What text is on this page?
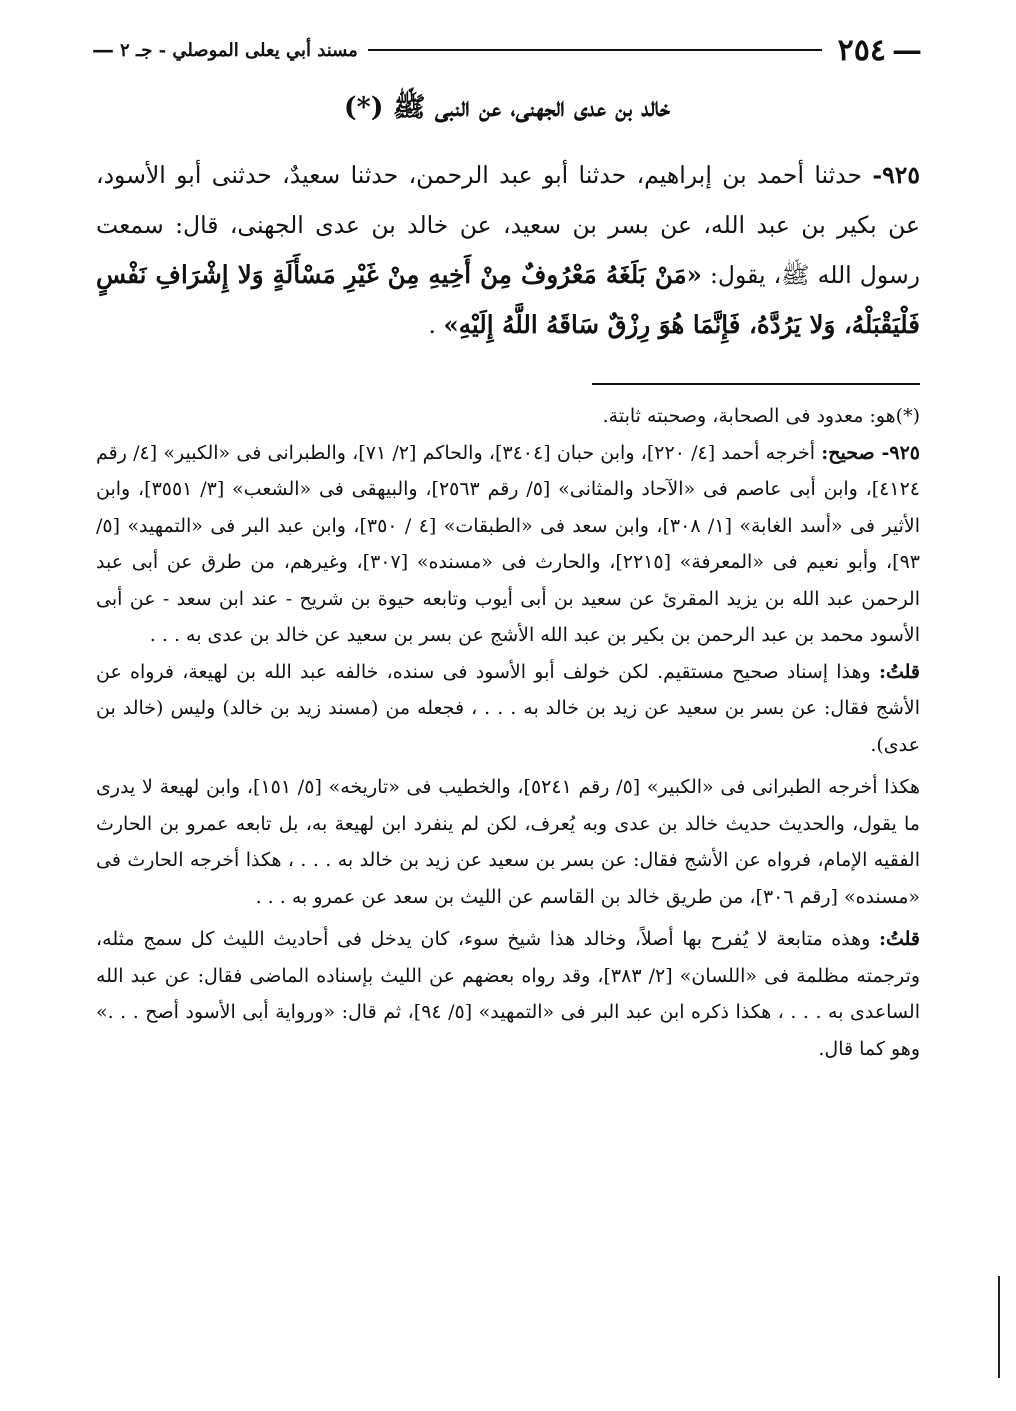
—
٢٥٤
مسند أبي يعلى الموصلي - جـ ٢
—
خالد بن عدى الجهنى، عن النبى ﷺ (*)
٩٢٥- حدثنا أحمد بن إبراهيم، حدثنا أبو عبد الرحمن، حدثنا سعيدٌ، حدثنى أبو الأسود، عن بكير بن عبد الله، عن بسر بن سعيد، عن خالد بن عدى الجهنى، قال: سمعت رسول الله ﷺ، يقول: «مَنْ بَلَغَهُ مَعْرُوفٌ مِنْ أَخِيهِ مِنْ غَيْرِ مَسْأَلَةٍ وَلا إِشْرَافِ نَفْسٍ فَلْيَقْبَلْهُ، وَلا يَرُدَّهُ، فَإِنَّمَا هُوَ رِزْقٌ سَاقَهُ اللَّهُ إِلَيْهِ» .

(*)هو: معدود فى الصحابة، وصحبته ثابتة.

٩٢٥- صحيح: أخرجه أحمد [٤/ ٢٢٠]، وابن حبان [٣٤٠٤]، والحاكم [٢/ ٧١]، والطبرانى فى «الكبير» [٤/ رقم ٤١٢٤]، وابن أبى عاصم فى «الآحاد والمثانى» [٥/ رقم ٢٥٦٣]، والبيهقى فى «الشعب» [٣/ ٣٥٥١]، وابن الأثير فى «أسد الغابة» [١/ ٣٠٨]، وابن سعد فى «الطبقات» [٤ / ٣٥٠]، وابن عبد البر فى «التمهيد» [٥/ ٩٣]، وأبو نعيم فى «المعرفة» [٢٢١٥]، والحارث فى «مسنده» [٣٠٧]، وغيرهم، من طرق عن أبى عبد الرحمن عبد الله بن يزيد المقرئ عن سعيد بن أبى أيوب وتابعه حيوة بن شريح - عند ابن سعد - عن أبى الأسود محمد بن عبد الرحمن بن بكير بن عبد الله الأشج عن بسر بن سعيد عن خالد بن عدى به . . .

قلتُ: وهذا إسناد صحيح مستقيم. لكن خولف أبو الأسود فى سنده، خالفه عبد الله بن لهيعة، فرواه عن الأشج فقال: عن بسر بن سعيد عن زيد بن خالد به . . . ، فجعله من (مسند زيد بن خالد) وليس (خالد بن عدى).

هكذا أخرجه الطبرانى فى «الكبير» [٥/ رقم ٥٢٤١]، والخطيب فى «تاريخه» [٥/ ١٥١]، وابن لهيعة لا يدرى ما يقول، والحديث حديث خالد بن عدى وبه يُعرف، لكن لم ينفرد ابن لهيعة به، بل تابعه عمرو بن الحارث الفقيه الإمام، فرواه عن الأشج فقال: عن بسر بن سعيد عن زيد بن خالد به . . . ، هكذا أخرجه الحارث فى «مسنده» [رقم ٣٠٦]، من طريق خالد بن القاسم عن الليث بن سعد عن عمرو به . . .

قلتُ: وهذه متابعة لا يُفرح بها أصلاً، وخالد هذا شيخ سوء، كان يدخل فى أحاديث الليث كل سمج مثله، وترجمته مظلمة فى «اللسان» [٢/ ٣٨٣]، وقد رواه بعضهم عن الليث بإسناده الماضى فقال: عن عبد الله الساعدى به . . . ، هكذا ذكره ابن عبد البر فى «التمهيد» [٥/ ٩٤]، ثم قال: «ورواية أبى الأسود أصح . . .» وهو كما قال.
